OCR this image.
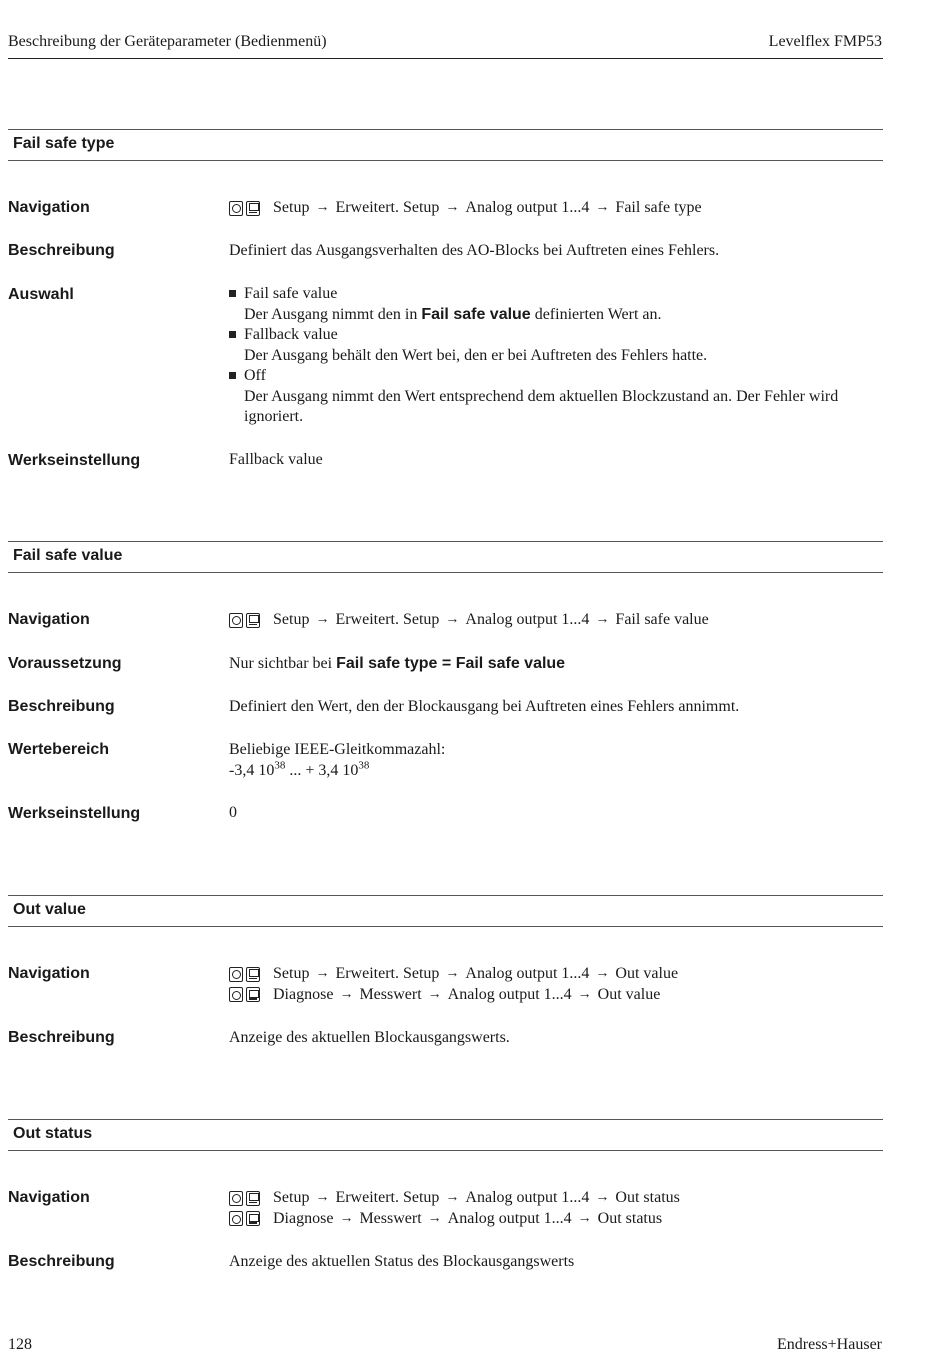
Beschreibung der Geräteparameter (Bedienmenü)	Levelflex FMP53
Fail safe type
Navigation	Setup → Erweitert. Setup → Analog output 1...4 → Fail safe type
Beschreibung	Definiert das Ausgangsverhalten des AO-Blocks bei Auftreten eines Fehlers.
Auswahl	Fail safe value
Der Ausgang nimmt den in Fail safe value definierten Wert an.
Fallback value
Der Ausgang behält den Wert bei, den er bei Auftreten des Fehlers hatte.
Off
Der Ausgang nimmt den Wert entsprechend dem aktuellen Blockzustand an. Der Fehler wird ignoriert.
Werkseinstellung	Fallback value
Fail safe value
Navigation	Setup → Erweitert. Setup → Analog output 1...4 → Fail safe value
Voraussetzung	Nur sichtbar bei Fail safe type = Fail safe value
Beschreibung	Definiert den Wert, den der Blockausgang bei Auftreten eines Fehlers annimmt.
Wertebereich	Beliebige IEEE-Gleitkommazahl:
-3,4 $10^{38}$ ... + 3,4 $10^{38}$
Werkseinstellung	0
Out value
Navigation	Setup → Erweitert. Setup → Analog output 1...4 → Out value
Diagnose → Messwert → Analog output 1...4 → Out value
Beschreibung	Anzeige des aktuellen Blockausgangswerts.
Out status
Navigation	Setup → Erweitert. Setup → Analog output 1...4 → Out status
Diagnose → Messwert → Analog output 1...4 → Out status
Beschreibung	Anzeige des aktuellen Status des Blockausgangswerts
128	Endress+Hauser
